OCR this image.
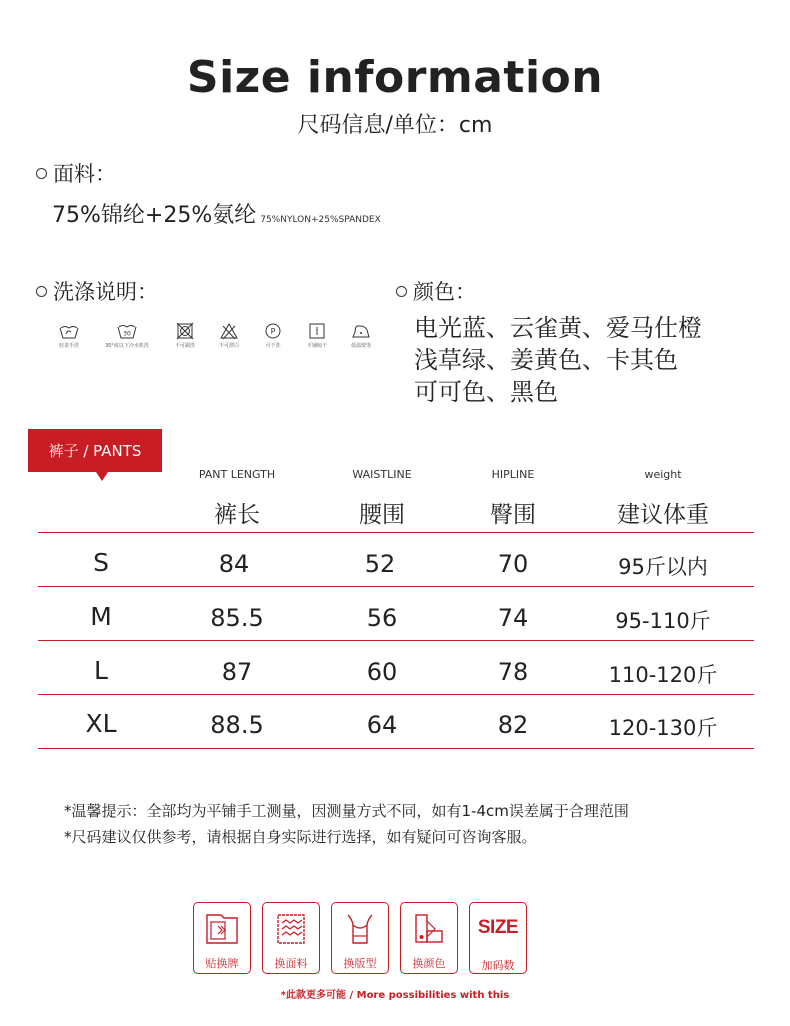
Size information
尺码信息/单位：cm
面料：
75%锦纶+25%氨纶 75%NYLON+25%SPANDEX
洗涤说明：
轻柔手洗
30
30°或以下冷水机洗	不可刷洗	不可漂白
P
可干洗	平铺晾干	低温熨烫
颜色：
电光蓝、云雀黄、爱马仕橙
浅草绿、姜黄色、卡其色
可可色、黑色
裤子 / PANTS
PANT LENGTH	WAISTLINE	HIPLINE	weight
裤长	腰围	臀围	建议体重
S	84	52	70	95斤以内
M	85.5	56	74	95-110斤
L	87	60	78	110-120斤
XL	88.5	64	82	120-130斤
*温馨提示：全部均为平铺手工测量，因测量方式不同，如有1-4cm误差属于合理范围
*尺码建议仅供参考，请根据自身实际进行选择，如有疑问可咨询客服。
贴换牌	换面料	换版型	换颜色
SIZE
加码数
*此款更多可能 / More possibilities with this
